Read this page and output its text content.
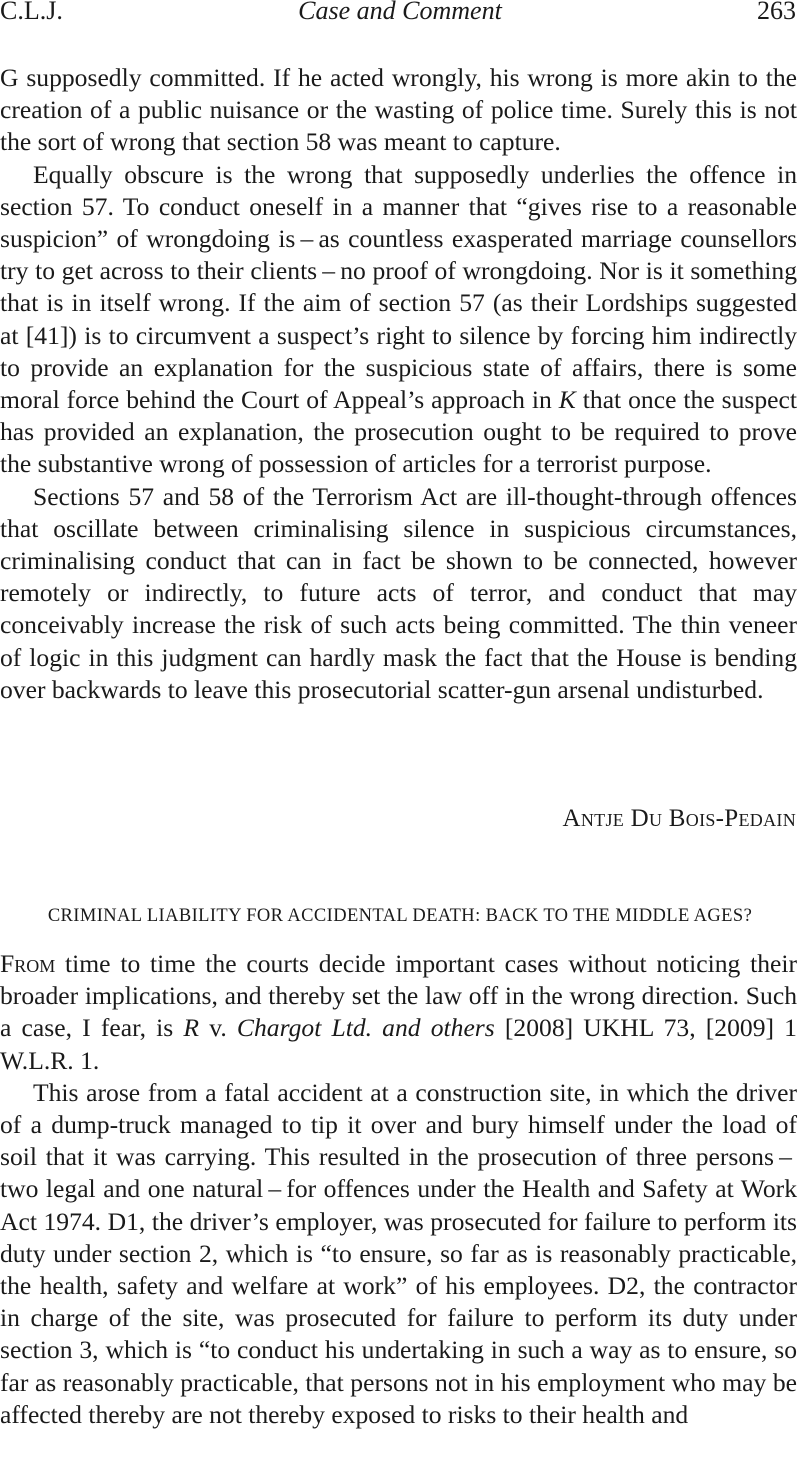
C.L.J.	Case and Comment	263

G supposedly committed. If he acted wrongly, his wrong is more akin to the creation of a public nuisance or the wasting of police time. Surely this is not the sort of wrong that section 58 was meant to capture.

Equally obscure is the wrong that supposedly underlies the offence in section 57. To conduct oneself in a manner that “gives rise to a reasonable suspicion” of wrongdoing is – as countless exasperated marriage counsellors try to get across to their clients – no proof of wrongdoing. Nor is it something that is in itself wrong. If the aim of section 57 (as their Lordships suggested at [41]) is to circumvent a suspect’s right to silence by forcing him indirectly to provide an explanation for the suspicious state of affairs, there is some moral force behind the Court of Appeal’s approach in K that once the suspect has provided an explanation, the prosecution ought to be required to prove the substantive wrong of possession of articles for a terrorist purpose.

Sections 57 and 58 of the Terrorism Act are ill-thought-through offences that oscillate between criminalising silence in suspicious circumstances, criminalising conduct that can in fact be shown to be connected, however remotely or indirectly, to future acts of terror, and conduct that may conceivably increase the risk of such acts being committed. The thin veneer of logic in this judgment can hardly mask the fact that the House is bending over backwards to leave this prosecutorial scatter-gun arsenal undisturbed.

Antje Du Bois-Pedain
CRIMINAL LIABILITY FOR ACCIDENTAL DEATH: BACK TO THE MIDDLE AGES?

From time to time the courts decide important cases without noticing their broader implications, and thereby set the law off in the wrong direction. Such a case, I fear, is R v. Chargot Ltd. and others [2008] UKHL 73, [2009] 1 W.L.R. 1.

This arose from a fatal accident at a construction site, in which the driver of a dump-truck managed to tip it over and bury himself under the load of soil that it was carrying. This resulted in the prosecution of three persons – two legal and one natural – for offences under the Health and Safety at Work Act 1974. D1, the driver’s employer, was prosecuted for failure to perform its duty under section 2, which is “to ensure, so far as is reasonably practicable, the health, safety and welfare at work” of his employees. D2, the contractor in charge of the site, was prosecuted for failure to perform its duty under section 3, which is “to conduct his undertaking in such a way as to ensure, so far as reasonably practicable, that persons not in his employment who may be affected thereby are not thereby exposed to risks to their health and
